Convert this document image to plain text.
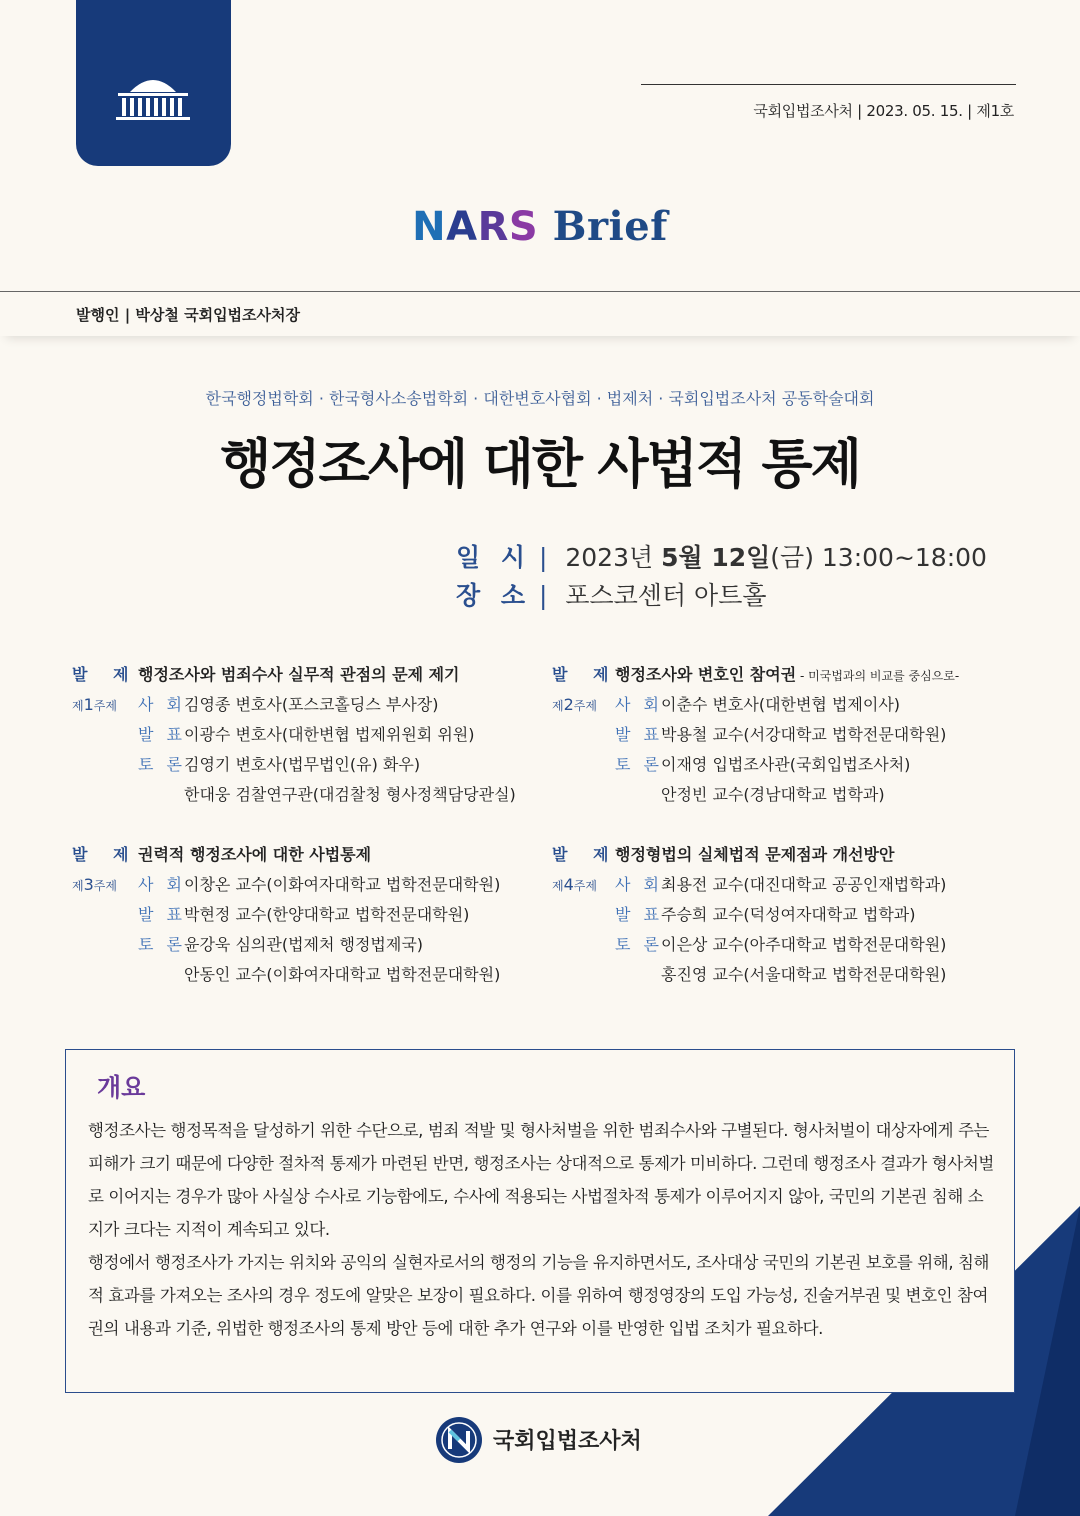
국회입법조사처 | 2023. 05. 15. | 제1호
NARS Brief
발행인 | 박상철 국회입법조사처장
한국행정법학회 · 한국형사소송법학회 · 대한변호사협회 · 법제처 · 국회입법조사처 공동학술대회
행정조사에 대한 사법적 통제
일 시 | 2023년 5월 12일(금) 13:00~18:00
장 소 | 포스코센터 아트홀
발 제 행정조사와 범죄수사 실무적 관점의 문제 제기
제1주제 사 회
김영종 변호사(포스코홀딩스 부사장)
발 표
이광수 변호사(대한변협 법제위원회 위원)
토 론
김영기 변호사(법무법인(유) 화우)
한대웅 검찰연구관(대검찰청 형사정책담당관실)
발 제
행정조사와 변호인 참여권 - 미국법과의 비교를 중심으로-
제2주제 사 회
이춘수 변호사(대한변협 법제이사)
발 표
박용철 교수(서강대학교 법학전문대학원)
토 론
이재영 입법조사관(국회입법조사처)
안정빈 교수(경남대학교 법학과)
발 제 권력적 행정조사에 대한 사법통제
제3주제 사 회
이창온 교수(이화여자대학교 법학전문대학원)
발 표
박현정 교수(한양대학교 법학전문대학원)
토 론
윤강욱 심의관(법제처 행정법제국)
안동인 교수(이화여자대학교 법학전문대학원)
발 제
행정형법의 실체법적 문제점과 개선방안
제4주제 사 회
최용전 교수(대진대학교 공공인재법학과)
발 표
주승희 교수(덕성여자대학교 법학과)
토 론
이은상 교수(아주대학교 법학전문대학원)
홍진영 교수(서울대학교 법학전문대학원)
개요
행정조사는 행정목적을 달성하기 위한 수단으로, 범죄 적발 및 형사처벌을 위한 범죄수사와 구별된다. 형사처벌이 대상자에게 주는 피해가 크기 때문에 다양한 절차적 통제가 마련된 반면, 행정조사는 상대적으로 통제가 미비하다. 그런데 행정조사 결과가 형사처벌로 이어지는 경우가 많아 사실상 수사로 기능함에도, 수사에 적용되는 사법절차적 통제가 이루어지지 않아, 국민의 기본권 침해 소지가 크다는 지적이 계속되고 있다.
행정에서 행정조사가 가지는 위치와 공익의 실현자로서의 행정의 기능을 유지하면서도, 조사대상 국민의 기본권 보호를 위해, 침해적 효과를 가져오는 조사의 경우 정도에 알맞은 보장이 필요하다. 이를 위하여 행정영장의 도입 가능성, 진술거부권 및 변호인 참여권의 내용과 기준, 위법한 행정조사의 통제 방안 등에 대한 추가 연구와 이를 반영한 입법 조치가 필요하다.
국회입법조사처
